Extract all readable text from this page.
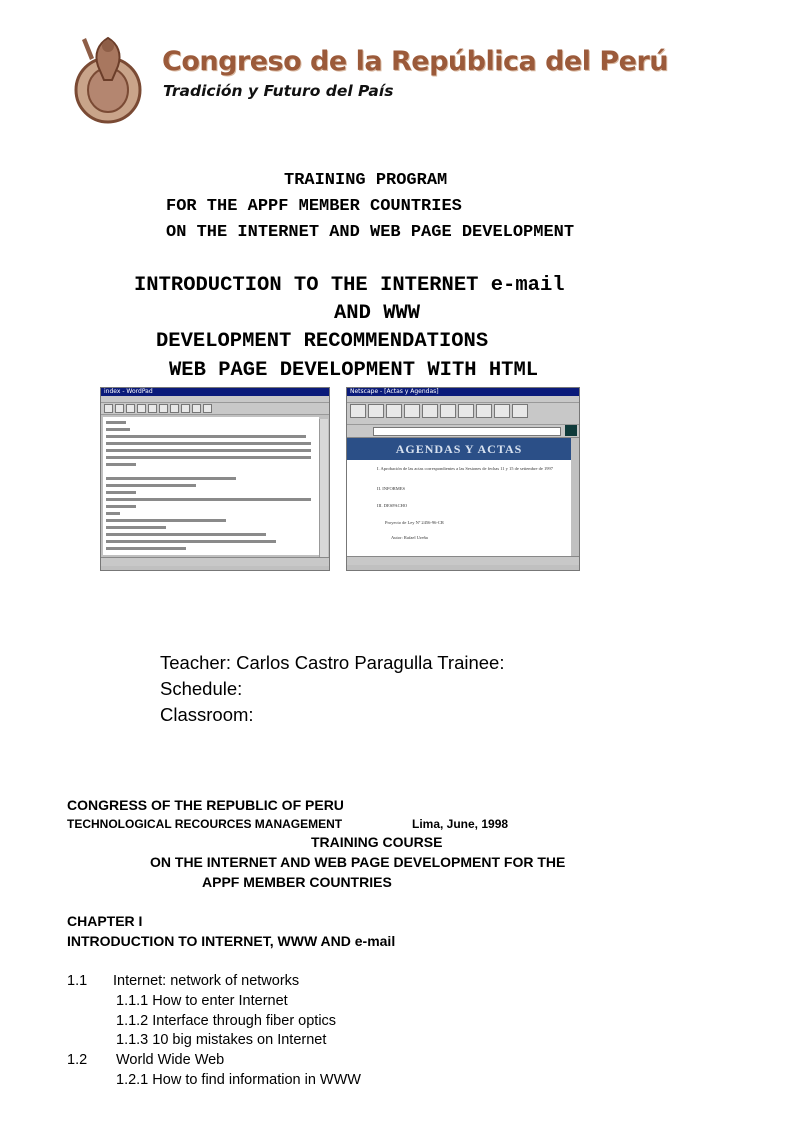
Congreso de la República del Perú
Tradición y Futuro del País
TRAINING PROGRAM
FOR THE APPF MEMBER COUNTRIES
ON THE INTERNET AND WEB PAGE DEVELOPMENT
INTRODUCTION TO THE INTERNET e-mail
AND WWW
DEVELOPMENT RECOMMENDATIONS
WEB PAGE DEVELOPMENT WITH HTML
index - WordPad	Netscape - [Actas y Agendas]
AGENDAS Y ACTAS
I. Aprobación de las actas correspondientes a las Sesiones de fechas 11 y 15 de setiembre de 1997
II. INFORMES
III. DESPACHO
Proyecto de Ley Nº 2456-96-CR
Autor: Rafael Ureña
Teacher: Carlos Castro Paragulla Trainee:
Schedule:
Classroom:
CONGRESS OF THE REPUBLIC OF PERU
TECHNOLOGICAL RECOURCES MANAGEMENT	Lima, June, 1998
TRAINING COURSE
ON THE INTERNET AND WEB PAGE DEVELOPMENT FOR THE
APPF MEMBER COUNTRIES
CHAPTER I
INTRODUCTION TO INTERNET, WWW AND e-mail
1.1 Internet: network of networks
1.1.1 How to enter Internet
1.1.2 Interface through fiber optics
1.1.3 10 big mistakes on Internet
1.2 World Wide Web
1.2.1 How to find information in WWW
